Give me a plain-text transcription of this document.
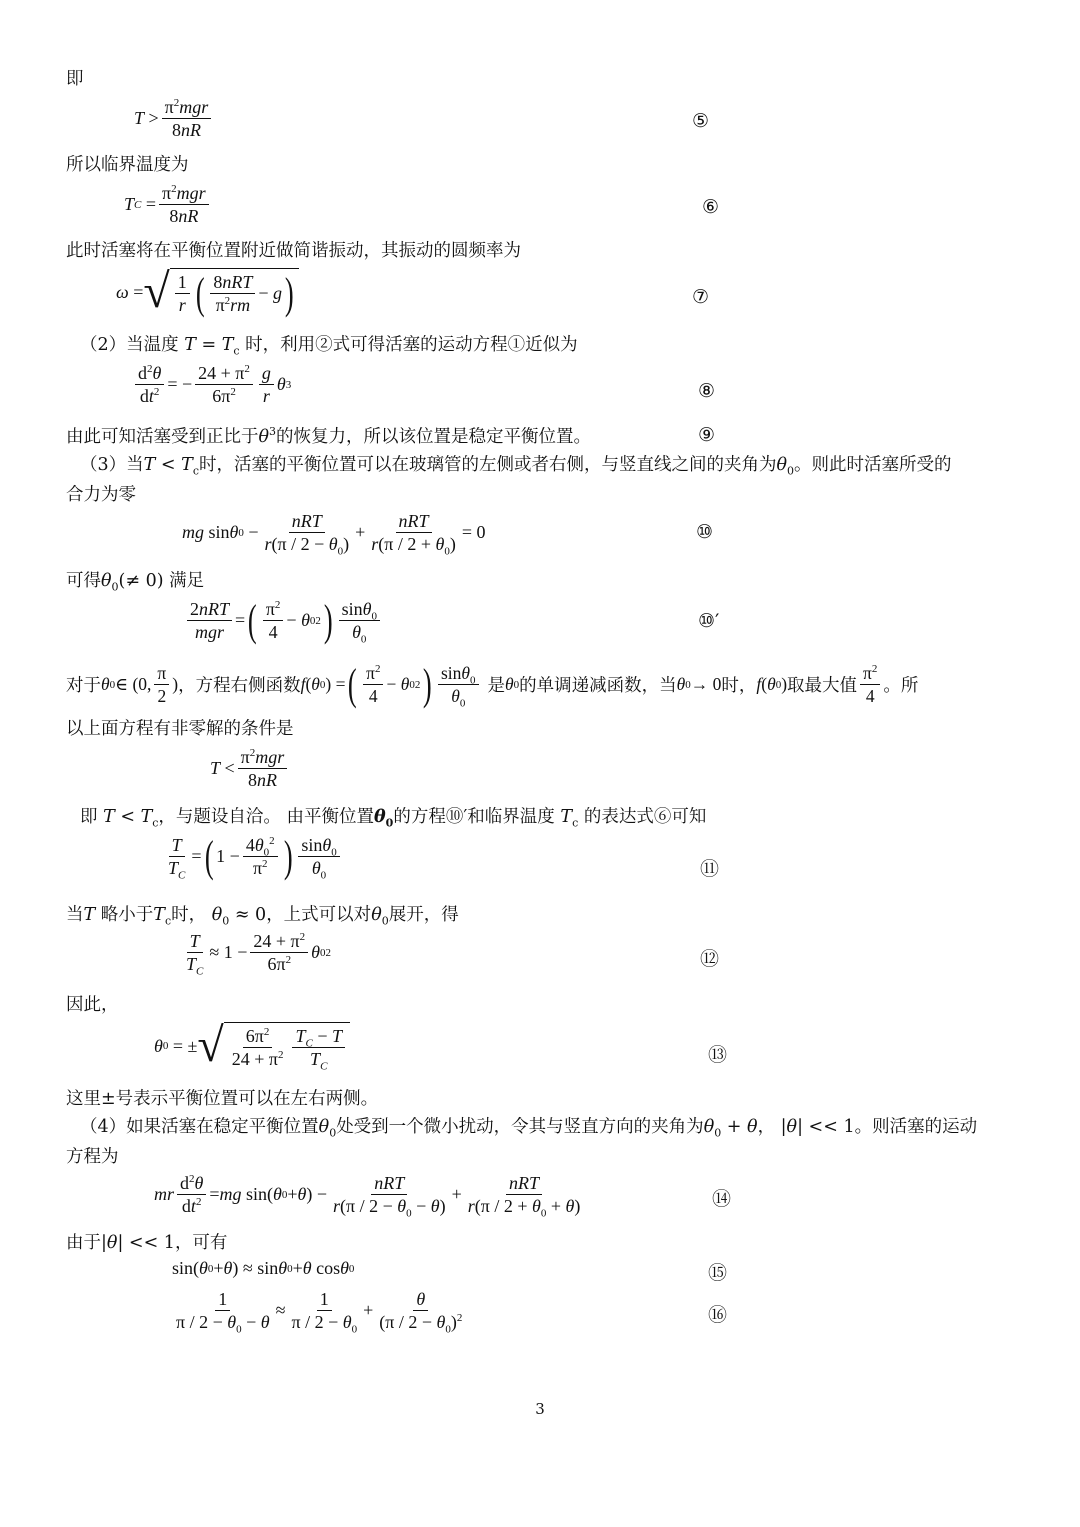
即
$T > \frac{\pi^2mgr}{8nR}$	⑤
所以临界温度为
T $C = \frac{\pi^2mgr}{8nR}$	⑥
此时活塞将在平衡位置附近做简谐振动，其振动的圆频率为
ω = √ $\frac{1}{r}$ ( $\frac{\text{8nRT}}{\pi^2rm} - g$ )	⑦
（2）当温度 $T = T_c$ 时，利用②式可得活塞的运动方程①近似为
$\frac{d^2\theta}{dt^2}$ = − $\frac{24 + \pi^2}{6\pi^2} \frac{g}{r}$ θ 3	⑧
由此可知活塞受到正比于$\theta^3$的恢复力，所以该位置是稳定平衡位置。	⑨
（3）当$T < T_c$时，活塞的平衡位置可以在玻璃管的左侧或者右侧，与竖直线之间的夹角为$\theta_0$。则此时活塞所受的
合力为零
mg sin θ $0 - \frac{\text{nRT}}{r(\pi / 2 - \theta_0)} + \frac{\text{nRT}}{r(\pi / 2 + \theta_0)} = 0$	⑩
可得$\theta_0(\ne 0)$ 满足
$\frac{\text{2nRT}}{\text{mgr}}$ = ( $\frac{\pi^2}{4} - \theta$ 0 2 ) $\frac{\sin\theta_0}{\theta_0}$	⑩′
对于 θ 0 ∈ (0, $\frac{\pi}{2}$ ) ，方程右侧函数 f ( θ 0 ) = ( $\frac{\pi^2}{4} - \theta$ 0 2 ) $\frac{\sin\theta_0}{\theta_0}$ 是 θ 0 的单调递减函数，当 θ 0 → 0 时， f ( θ 0 ) 取最大值 $\frac{\pi^2}{4}$ 。所
以上面方程有非零解的条件是
$T < \frac{\pi^2mgr}{8nR}$
即 $T < T_c$，与题设自洽。 由平衡位置$\theta_0$的方程⑩′和临界温度 $T_c$ 的表达式⑥可知
$\frac{T}{T_C}$ = ( $1 - \frac{4\theta_0^2}{\pi^2}$ ) $\frac{\sin\theta_0}{\theta_0}$	⑪
当T 略小于$T_c$时， $\theta_0 \approx 0$，上式可以对$\theta_0$展开，得
$\frac{T}{T_C} \approx 1 - \frac{24 + \pi^2}{6\pi^2}$ θ 0 2	⑫
因此，
θ 0 = ± √ $\frac{6\pi^2}{24 + \pi^2} \frac{T_C - T}{T_C}$	⑬
这里±号表示平衡位置可以在左右两侧。
（4）如果活塞在稳定平衡位置$\theta_0$处受到一个微小扰动，令其与竖直方向的夹角为$\theta_0 + \theta$， |θ| << 1。则活塞的运动
方程为
mr $\frac{d^2\theta}{dt^2}$ = mg sin( θ 0 + θ ) − $\frac{\text{nRT}}{r(\pi / 2 - \theta_0 - \theta)} + \frac{\text{nRT}}{r(\pi / 2 + \theta_0 + \theta)}$	⑭
由于|θ| << 1，可有
sin( θ 0 + θ ) ≈ sin θ 0 + θ cos θ 0	⑮
$\frac{1}{\pi / 2 - \theta_0 - \theta} \approx \frac{1}{\pi / 2 - \theta_0} + \frac{\theta}{(\pi / 2 - \theta_0)^2}$	⑯
3
